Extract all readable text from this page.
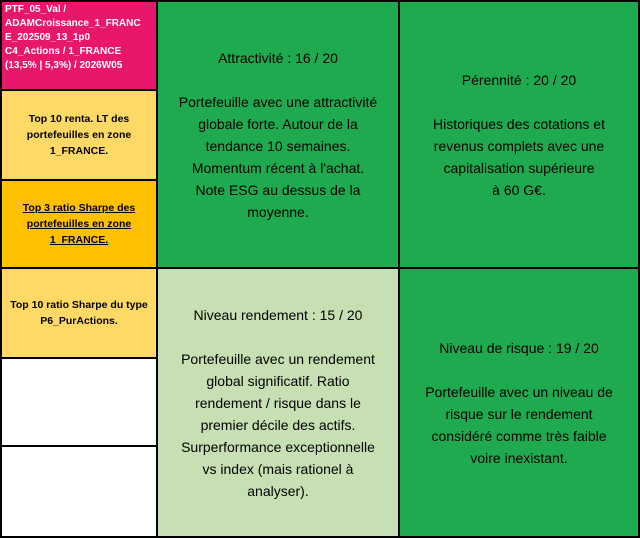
PTF_05_Val /
ADAMCroissance_1_FRANC
E_202509_13_1p0
C4_Actions / 1_FRANCE
(13,5% | 5,3%) / 2026W05
Top 10 renta. LT des portefeuilles en zone 1_FRANCE.
Top 3 ratio Sharpe des portefeuilles en zone 1_FRANCE.
Top 10 ratio Sharpe du type P6_PurActions.
Attractivité : 16 / 20
Portefeuille avec une attractivité
globale forte. Autour de la
tendance 10 semaines.
Momentum récent à l'achat.
Note ESG au dessus de la
moyenne.
Pérennité : 20 / 20
Historiques des cotations et
revenus complets avec une
capitalisation supérieure
à 60 G€.
Niveau rendement : 15 / 20
Portefeuille avec un rendement
global significatif. Ratio
rendement / risque dans le
premier décile des actifs.
Surperformance exceptionnelle
vs index (mais rationel à
analyser).
Niveau de risque : 19 / 20
Portefeuille avec un niveau de
risque sur le rendement
considéré comme très faible
voire inexistant.
